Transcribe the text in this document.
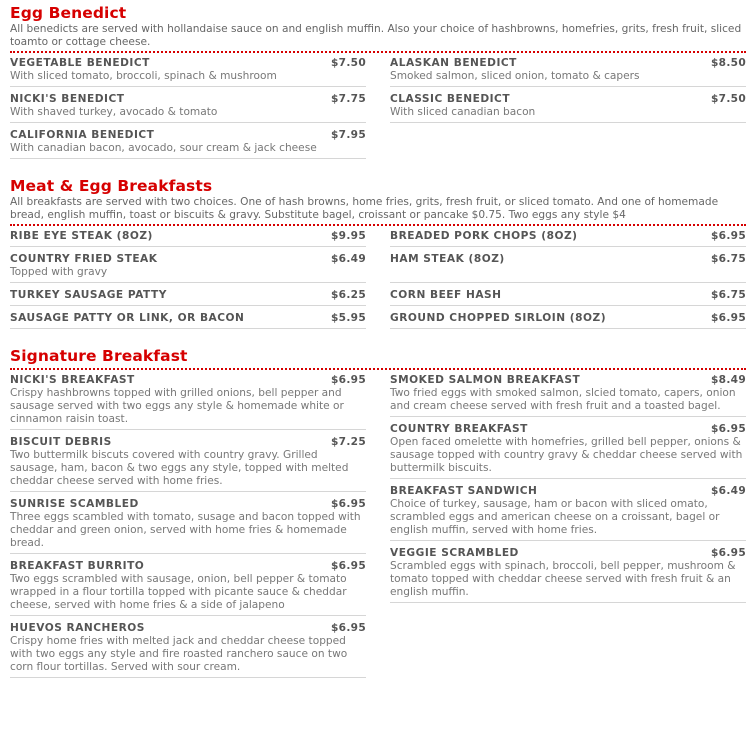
Egg Benedict

All benedicts are served with hollandaise sauce on and english muffin. Also your choice of hashbrowns, homefries, grits, fresh fruit, sliced toamto or cottage cheese.

VEGETABLE BENEDICT	$7.50
With sliced tomato, broccoli, spinach & mushroom
NICKI'S BENEDICT	$7.75
With shaved turkey, avocado & tomato
CALIFORNIA BENEDICT	$7.95
With canadian bacon, avocado, sour cream & jack cheese
ALASKAN BENEDICT	$8.50
Smoked salmon, sliced onion, tomato & capers
CLASSIC BENEDICT	$7.50
With sliced canadian bacon
Meat & Egg Breakfasts

All breakfasts are served with two choices. One of hash browns, home fries, grits, fresh fruit, or sliced tomato. And one of homemade bread, english muffin, toast or biscuits & gravy. Substitute bagel, croissant or pancake $0.75. Two eggs any style $4

RIBE EYE STEAK (8OZ)	$9.95
COUNTRY FRIED STEAK	$6.49
Topped with gravy
TURKEY SAUSAGE PATTY	$6.25
SAUSAGE PATTY OR LINK, OR BACON	$5.95
BREADED PORK CHOPS (8OZ)	$6.95
HAM STEAK (8OZ)	$6.75
CORN BEEF HASH	$6.75
GROUND CHOPPED SIRLOIN (8OZ)	$6.95
Signature Breakfast
NICKI'S BREAKFAST	$6.95
Crispy hashbrowns topped with grilled onions, bell pepper and sausage served with two eggs any style & homemade white or cinnamon raisin toast.
BISCUIT DEBRIS	$7.25
Two buttermilk biscuts covered with country gravy. Grilled sausage, ham, bacon & two eggs any style, topped with melted cheddar cheese served with home fries.
SUNRISE SCAMBLED	$6.95
Three eggs scambled with tomato, susage and bacon topped with cheddar and green onion, served with home fries & homemade bread.
BREAKFAST BURRITO	$6.95
Two eggs scrambled with sausage, onion, bell pepper & tomato wrapped in a flour tortilla topped with picante sauce & cheddar cheese, served with home fries & a side of jalapeno
HUEVOS RANCHEROS	$6.95
Crispy home fries with melted jack and cheddar cheese topped with two eggs any style and fire roasted ranchero sauce on two corn flour tortillas. Served with sour cream.
SMOKED SALMON BREAKFAST	$8.49
Two fried eggs with smoked salmon, slcied tomato, capers, onion and cream cheese served with fresh fruit and a toasted bagel.
COUNTRY BREAKFAST	$6.95
Open faced omelette with homefries, grilled bell pepper, onions & sausage topped with country gravy & cheddar cheese served with buttermilk biscuits.
BREAKFAST SANDWICH	$6.49
Choice of turkey, sausage, ham or bacon with sliced omato, scrambled eggs and american cheese on a croissant, bagel or english muffin, served with home fries.
VEGGIE SCRAMBLED	$6.95
Scrambled eggs with spinach, broccoli, bell pepper, mushroom & tomato topped with cheddar cheese served with fresh fruit & an english muffin.
